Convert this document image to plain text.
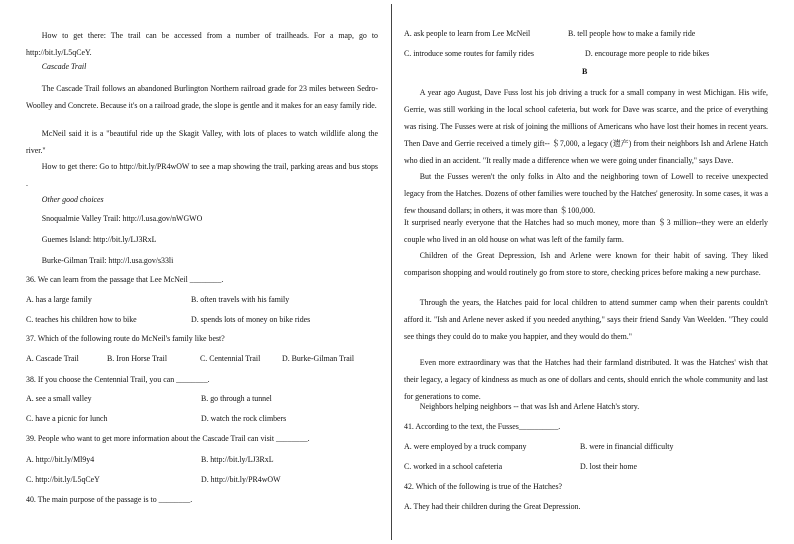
How to get there: The trail can be accessed from a number of trailheads. For a map, go to http://bit.ly/L5qCeY.

Cascade Trail

The Cascade Trail follows an abandoned Burlington Northern railroad grade for 23 miles between Sedro-Woolley and Concrete. Because it's on a railroad grade, the slope is gentle and it makes for an easy family ride.

McNeil said it is a "beautiful ride up the Skagit Valley, with lots of places to watch wildlife along the river."

How to get there: Go to http://bit.ly/PR4wOW to see a map showing the trail, parking areas and bus stops .

Other good choices

Snoqualmie Valley Trail: http://l.usa.gov/nWGWO

Guemes Island: http://bit.ly/LJ3RxL

Burke-Gilman Trail: http://l.usa.gov/s33li

36. We can learn from the passage that Lee McNeil ________.

A. has a large family	B. often travels with his family
C. teaches his children how to bike	D. spends lots of money on bike rides

37. Which of the following route do McNeil's family like best?

A. Cascade Trail	B. Iron Horse Trail	C. Centennial Trail	D. Burke-Gilman Trail

38. If you choose the Centennial Trail, you can ________.

A. see a small valley	B. go through a tunnel
C. have a picnic for lunch	D. watch the rock climbers

39. People who want to get more information about the Cascade Trail can visit ________.

A. http://bit.ly/Ml9y4	B. http://bit.ly/LJ3RxL
C. http://bit.ly/L5qCeY	D. http://bit.ly/PR4wOW

40. The main purpose of the passage is to ________.

A. ask people to learn from Lee McNeil	B. tell people how to make a family ride
C. introduce some routes for family rides	D. encourage more people to ride bikes
B

A year ago August, Dave Fuss lost his job driving a truck for a small company in west Michigan. His wife, Gerrie, was still working in the local school cafeteria, but work for Dave was scarce, and the price of everything was rising. The Fusses were at risk of joining the millions of Americans who have lost their homes in recent years. Then Dave and Gerrie received a timely gift-- ＄7,000, a legacy (遗产) from their neighbors Ish and Arlene Hatch who died in an accident. "It really made a difference when we were going under financially," says Dave.

But the Fusses weren't the only folks in Alto and the neighboring town of Lowell to receive unexpected legacy from the Hatches. Dozens of other families were touched by the Hatches' generosity. In some cases, it was a few thousand dollars; in others, it was more than ＄100,000.

It surprised nearly everyone that the Hatches had so much money, more than ＄3 million--they were an elderly couple who lived in an old house on what was left of the family farm.

Children of the Great Depression, Ish and Arlene were known for their habit of saving. They liked comparison shopping and would routinely go from store to store, checking prices before making a new purchase.

Through the years, the Hatches paid for local children to attend summer camp when their parents couldn't afford it. "Ish and Arlene never asked if you needed anything," says their friend Sandy Van Weelden. "They could see things they could do to make you happier, and they would do them."

Even more extraordinary was that the Hatches had their farmland distributed. It was the Hatches' wish that their legacy, a legacy of kindness as much as one of dollars and cents, should enrich the whole community and last for generations to come.

Neighbors helping neighbors -- that was Ish and Arlene Hatch's story.

41. According to the text, the Fusses__________.

A. were employed by a truck company	B. were in financial difficulty
C. worked in a school cafeteria	D. lost their home

42. Which of the following is true of the Hatches?

A. They had their children during the Great Depression.
